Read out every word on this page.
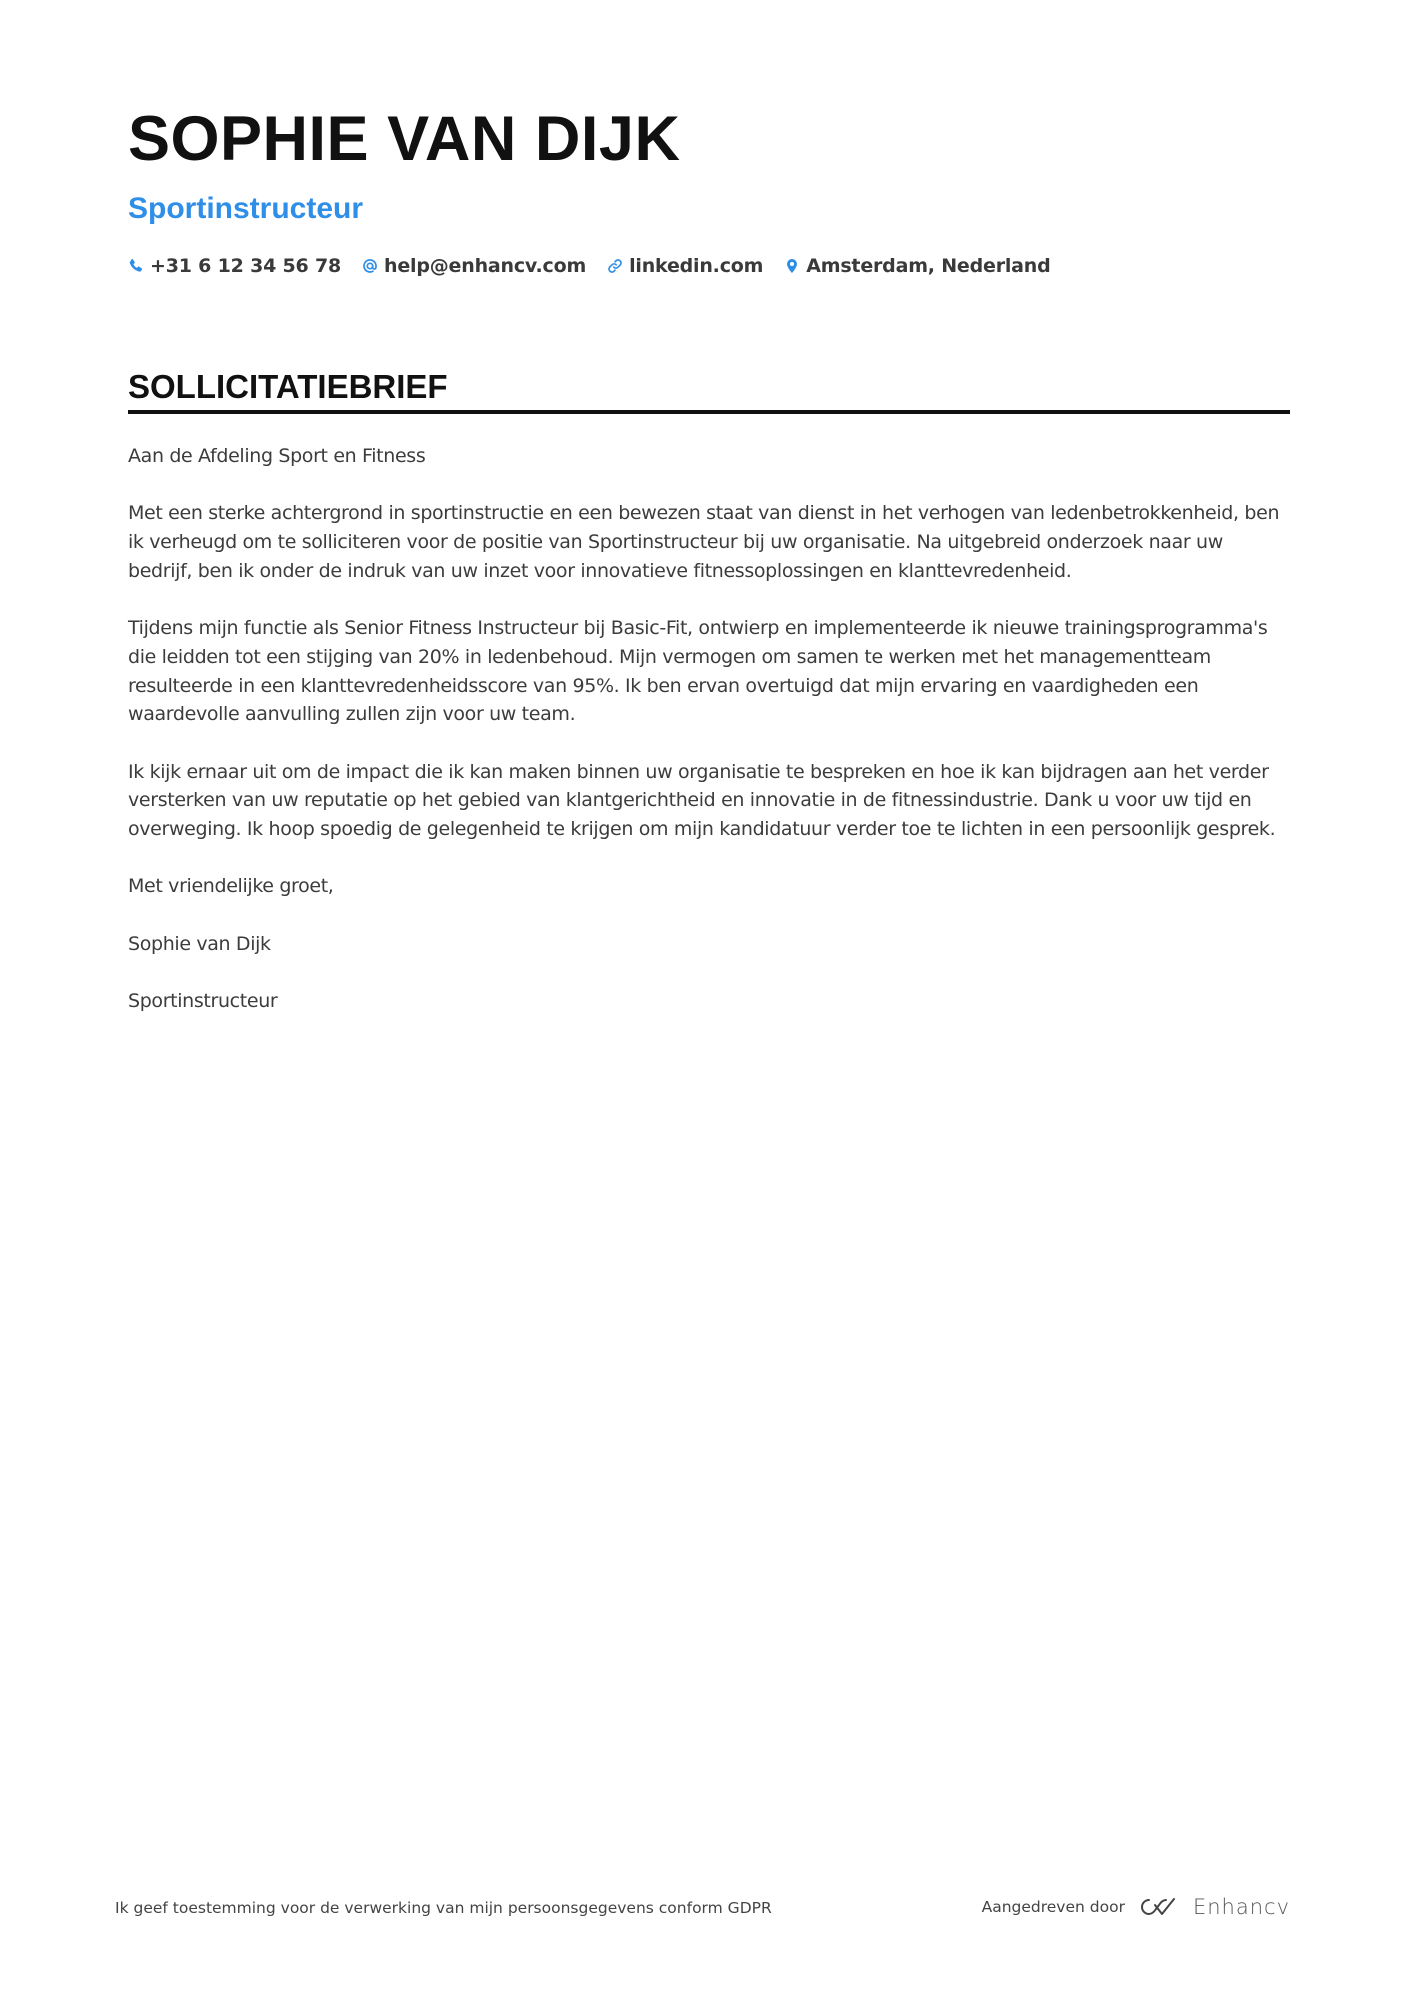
SOPHIE VAN DIJK
Sportinstructeur
+31 6 12 34 56 78 help@enhancv.com linkedin.com Amsterdam, Nederland
SOLLICITATIEBRIEF

Aan de Afdeling Sport en Fitness

Met een sterke achtergrond in sportinstructie en een bewezen staat van dienst in het verhogen van ledenbetrokkenheid, ben ik verheugd om te solliciteren voor de positie van Sportinstructeur bij uw organisatie. Na uitgebreid onderzoek naar uw bedrijf, ben ik onder de indruk van uw inzet voor innovatieve fitnessoplossingen en klanttevredenheid.

Tijdens mijn functie als Senior Fitness Instructeur bij Basic-Fit, ontwierp en implementeerde ik nieuwe trainingsprogramma's die leidden tot een stijging van 20% in ledenbehoud. Mijn vermogen om samen te werken met het managementteam resulteerde in een klanttevredenheidsscore van 95%. Ik ben ervan overtuigd dat mijn ervaring en vaardigheden een waardevolle aanvulling zullen zijn voor uw team.

Ik kijk ernaar uit om de impact die ik kan maken binnen uw organisatie te bespreken en hoe ik kan bijdragen aan het verder versterken van uw reputatie op het gebied van klantgerichtheid en innovatie in de fitnessindustrie. Dank u voor uw tijd en overweging. Ik hoop spoedig de gelegenheid te krijgen om mijn kandidatuur verder toe te lichten in een persoonlijk gesprek.

Met vriendelijke groet,

Sophie van Dijk

Sportinstructeur

Ik geef toestemming voor de verwerking van mijn persoonsgegevens conform GDPR	Aangedreven door	Enhancv
